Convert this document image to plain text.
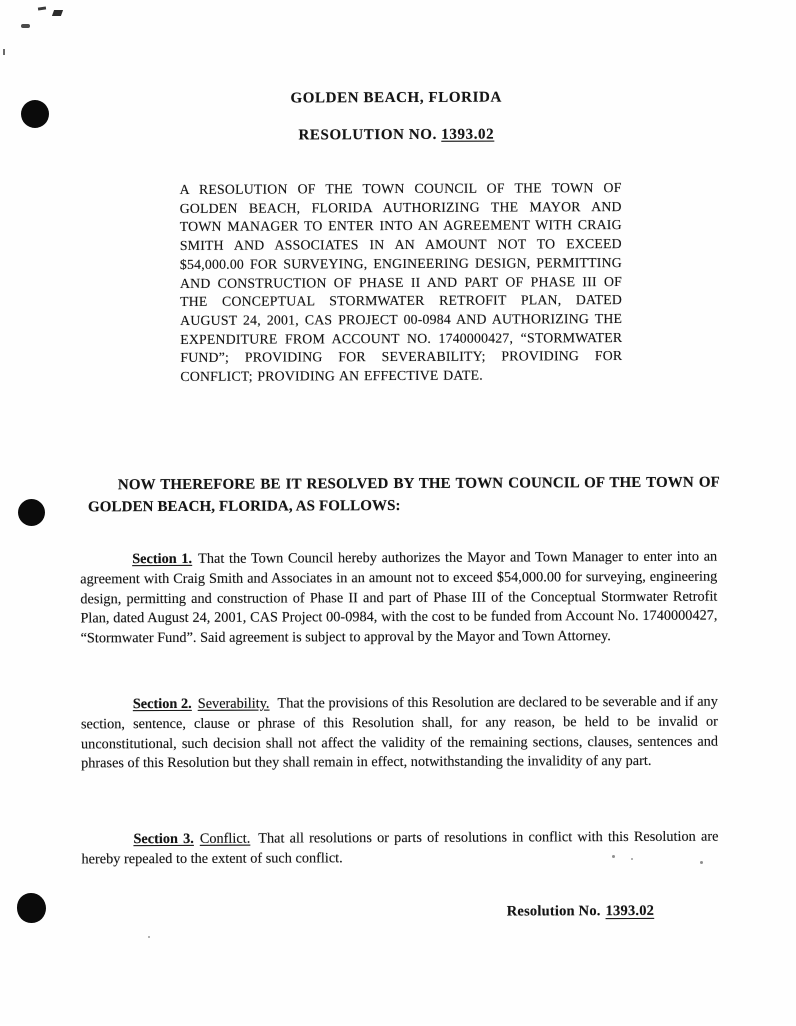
GOLDEN BEACH, FLORIDA
RESOLUTION NO. 1393.02
A RESOLUTION OF THE TOWN COUNCIL OF THE TOWN OF GOLDEN BEACH, FLORIDA AUTHORIZING THE MAYOR AND TOWN MANAGER TO ENTER INTO AN AGREEMENT WITH CRAIG SMITH AND ASSOCIATES IN AN AMOUNT NOT TO EXCEED $54,000.00 FOR SURVEYING, ENGINEERING DESIGN, PERMITTING AND CONSTRUCTION OF PHASE II AND PART OF PHASE III OF THE CONCEPTUAL STORMWATER RETROFIT PLAN, DATED AUGUST 24, 2001, CAS PROJECT 00-0984 AND AUTHORIZING THE EXPENDITURE FROM ACCOUNT NO. 1740000427, “STORMWATER FUND”; PROVIDING FOR SEVERABILITY; PROVIDING FOR CONFLICT; PROVIDING AN EFFECTIVE DATE.
NOW THEREFORE BE IT RESOLVED BY THE TOWN COUNCIL OF THE TOWN OF GOLDEN BEACH, FLORIDA, AS FOLLOWS:

Section 1. That the Town Council hereby authorizes the Mayor and Town Manager to enter into an agreement with Craig Smith and Associates in an amount not to exceed $54,000.00 for surveying, engineering design, permitting and construction of Phase II and part of Phase III of the Conceptual Stormwater Retrofit Plan, dated August 24, 2001, CAS Project 00-0984, with the cost to be funded from Account No. 1740000427, “Stormwater Fund”. Said agreement is subject to approval by the Mayor and Town Attorney.

Section 2. Severability. That the provisions of this Resolution are declared to be severable and if any section, sentence, clause or phrase of this Resolution shall, for any reason, be held to be invalid or unconstitutional, such decision shall not affect the validity of the remaining sections, clauses, sentences and phrases of this Resolution but they shall remain in effect, notwithstanding the invalidity of any part.

Section 3. Conflict. That all resolutions or parts of resolutions in conflict with this Resolution are hereby repealed to the extent of such conflict.

Resolution No. 1393.02
